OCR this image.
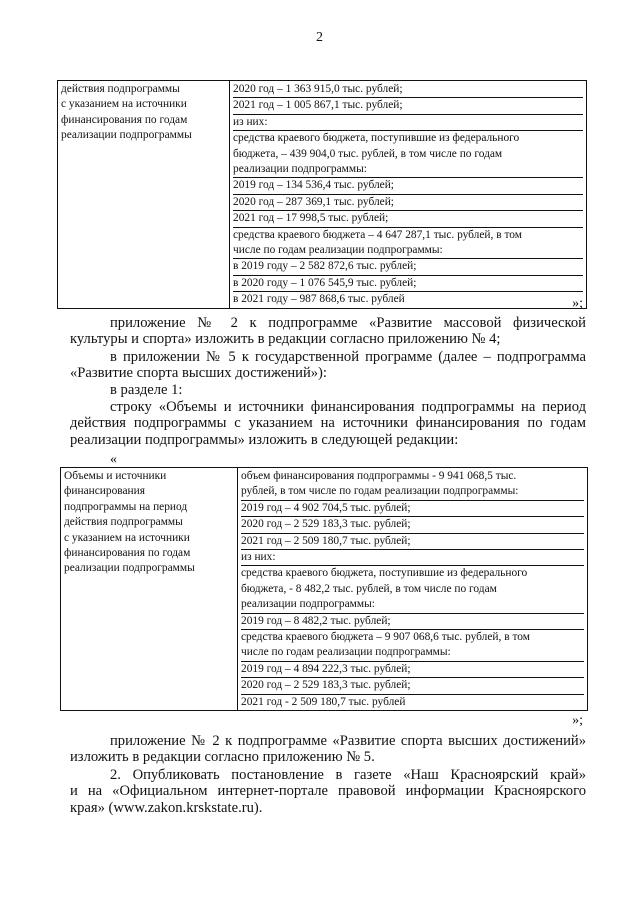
2
действия подпрограммы
с указанием на источники
финансирования по годам
реализации подпрограммы

2020 год – 1 363 915,0 тыс. рублей;
2021 год – 1 005 867,1 тыс. рублей;
из них:
средства краевого бюджета, поступившие из федерального
бюджета, – 439 904,0 тыс. рублей, в том числе по годам
реализации подпрограммы:
2019 год – 134 536,4 тыс. рублей;
2020 год – 287 369,1 тыс. рублей;
2021 год – 17 998,5 тыс. рублей;
средства краевого бюджета – 4 647 287,1 тыс. рублей, в том
числе по годам реализации подпрограммы:
в 2019 году – 2 582 872,6 тыс. рублей;
в 2020 году – 1 076 545,9 тыс. рублей;
в 2021 году – 987 868,6 тыс. рублей	»;
приложение № 2 к подпрограмме «Развитие массовой физической
культуры и спорта» изложить в редакции согласно приложению № 4;
в приложении № 5 к государственной программе (далее – подпрограмма
«Развитие спорта высших достижений»):
в разделе 1:
строку «Объемы и источники финансирования подпрограммы на период
действия подпрограммы с указанием на источники финансирования по годам
реализации подпрограммы» изложить в следующей редакции:
«
Объемы и источники
финансирования
подпрограммы на период
действия подпрограммы
с указанием на источники
финансирования по годам
реализации подпрограммы

объем финансирования подпрограммы - 9 941 068,5 тыс.
рублей, в том числе по годам реализации подпрограммы:
2019 год – 4 902 704,5 тыс. рублей;
2020 год – 2 529 183,3 тыс. рублей;
2021 год – 2 509 180,7 тыс. рублей;
из них:
средства краевого бюджета, поступившие из федерального
бюджета, - 8 482,2 тыс. рублей, в том числе по годам
реализации подпрограммы:
2019 год – 8 482,2 тыс. рублей;
средства краевого бюджета – 9 907 068,6 тыс. рублей, в том
числе по годам реализации подпрограммы:
2019 год – 4 894 222,3 тыс. рублей;
2020 год – 2 529 183,3 тыс. рублей;
2021 год - 2 509 180,7 тыс. рублей
»;
приложение № 2 к подпрограмме «Развитие спорта высших достижений»
изложить в редакции согласно приложению № 5.
2. Опубликовать постановление в газете «Наш Красноярский край»
и на «Официальном интернет-портале правовой информации Красноярского
края» (www.zakon.krskstate.ru).
